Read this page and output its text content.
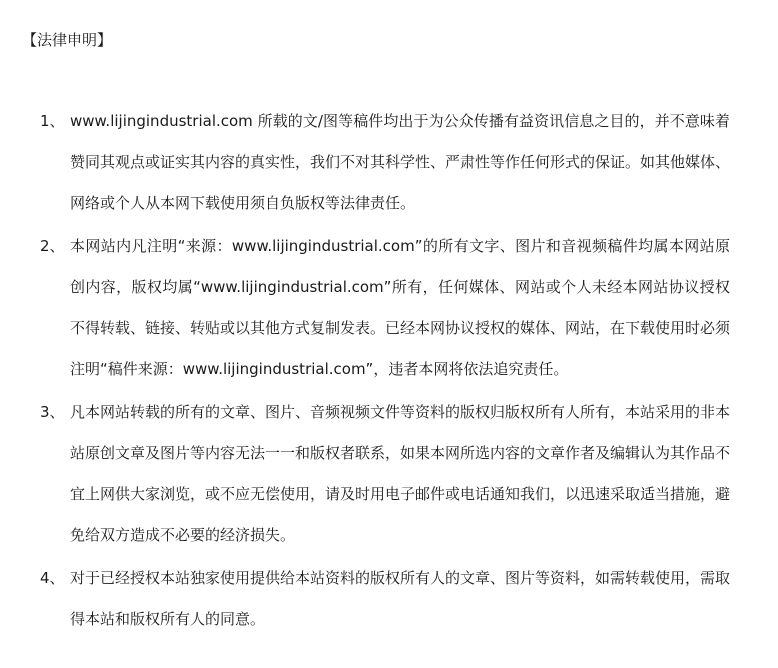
【法律申明】
1、 www.lijingindustrial.com 所载的文/图等稿件均出于为公众传播有益资讯信息之目的，并不意味着赞同其观点或证实其内容的真实性，我们不对其科学性、严肃性等作任何形式的保证。如其他媒体、网络或个人从本网下载使用须自负版权等法律责任。
2、 本网站内凡注明“来源：www.lijingindustrial.com”的所有文字、图片和音视频稿件均属本网站原创内容，版权均属“www.lijingindustrial.com”所有，任何媒体、网站或个人未经本网站协议授权不得转载、链接、转贴或以其他方式复制发表。已经本网协议授权的媒体、网站，在下载使用时必须注明“稿件来源：www.lijingindustrial.com”，违者本网将依法追究责任。
3、 凡本网站转载的所有的文章、图片、音频视频文件等资料的版权归版权所有人所有，本站采用的非本站原创文章及图片等内容无法一一和版权者联系，如果本网所选内容的文章作者及编辑认为其作品不宜上网供大家浏览，或不应无偿使用，请及时用电子邮件或电话通知我们，以迅速采取适当措施，避免给双方造成不必要的经济损失。
4、 对于已经授权本站独家使用提供给本站资料的版权所有人的文章、图片等资料，如需转载使用，需取得本站和版权所有人的同意。
